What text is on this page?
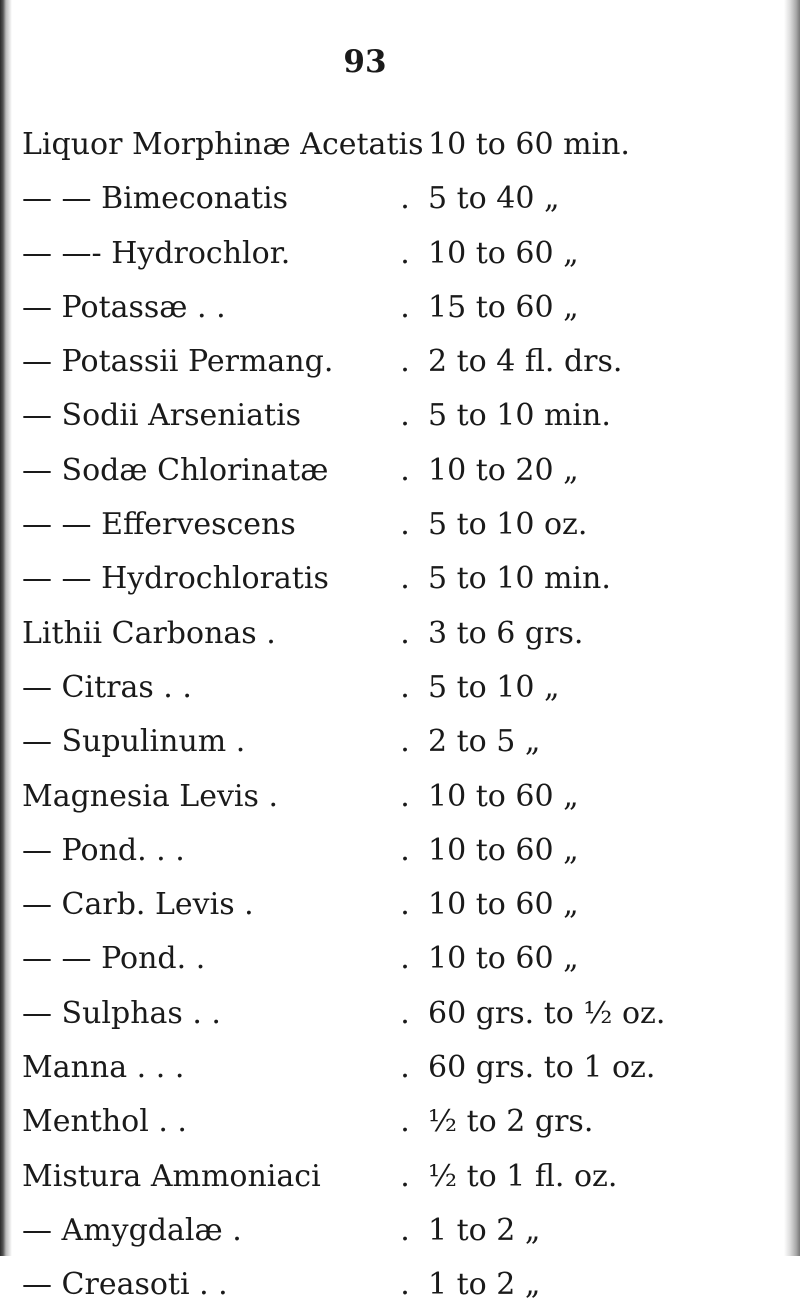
93
Liquor Morphinæ Acetatis 10 to 60 min.
— — Bimeconatis	. 5 to 40 „
— —- Hydrochlor.	. 10 to 60 „
— Potassæ . .	. 15 to 60 „
— Potassii Permang.	. 2 to 4 fl. drs.
— Sodii Arseniatis	. 5 to 10 min.
— Sodæ Chlorinatæ	. 10 to 20 „
— — Effervescens	. 5 to 10 oz.
— — Hydrochloratis	. 5 to 10 min.
Lithii Carbonas .	. 3 to 6 grs.
— Citras . .	. 5 to 10 „
— Supulinum .	. 2 to 5 „
Magnesia Levis .	. 10 to 60 „
— Pond. . .	. 10 to 60 „
— Carb. Levis .	. 10 to 60 „
— — Pond. .	. 10 to 60 „
— Sulphas . .	. 60 grs. to ½ oz.
Manna . . .	. 60 grs. to 1 oz.
Menthol . .	. ½ to 2 grs.
Mistura Ammoniaci	. ½ to 1 fl. oz.
— Amygdalæ .	. 1 to 2 „
— Creasoti . .	. 1 to 2 „
